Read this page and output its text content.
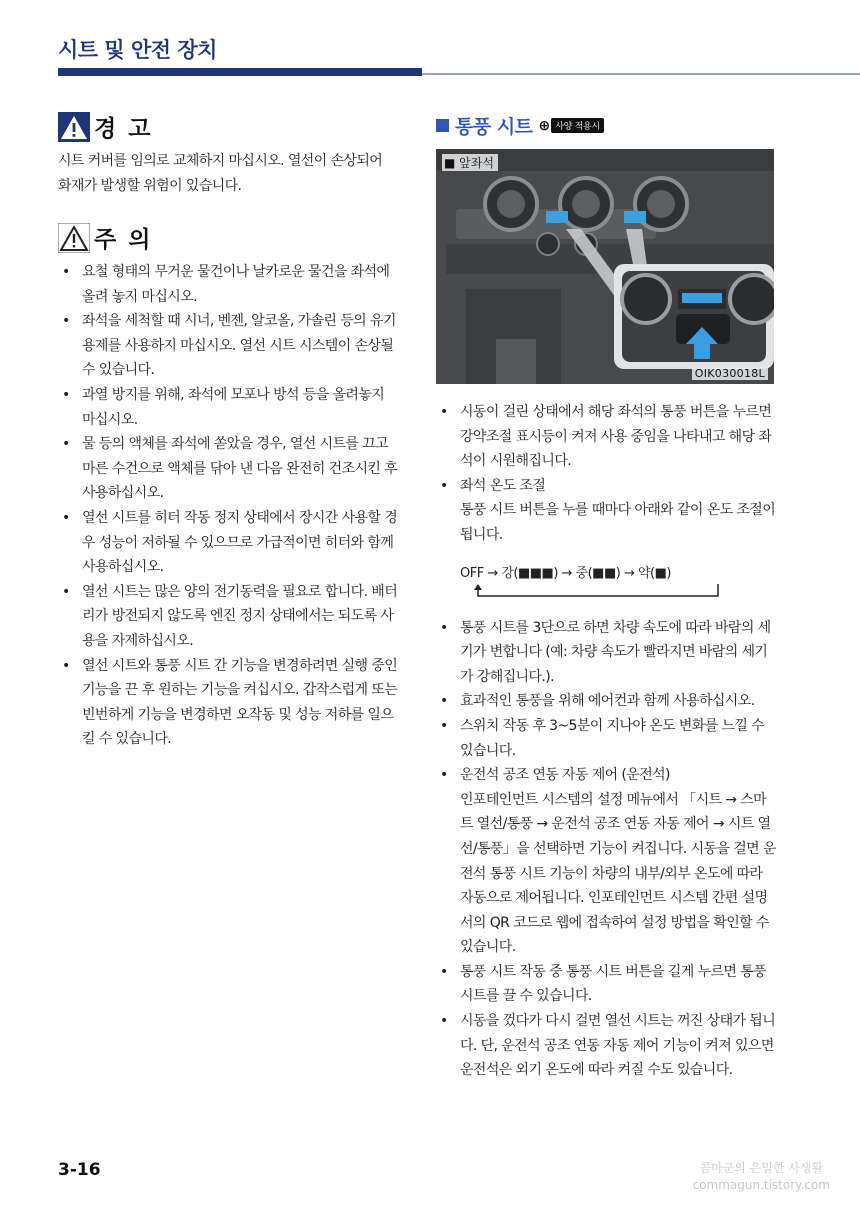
시트 및 안전 장치
경 고

시트 커버를 임의로 교체하지 마십시오. 열선이 손상되어 화재가 발생할 위험이 있습니다.

주 의
• 요철 형태의 무거운 물건이나 날카로운 물건을 좌석에 올려 놓지 마십시오.
• 좌석을 세척할 때 시너, 벤젠, 알코올, 가솔린 등의 유기용제를 사용하지 마십시오. 열선 시트 시스템이 손상될 수 있습니다.
• 과열 방지를 위해, 좌석에 모포나 방석 등을 올려놓지 마십시오.
• 물 등의 액체를 좌석에 쏟았을 경우, 열선 시트를 끄고 마른 수건으로 액체를 닦아 낸 다음 완전히 건조시킨 후 사용하십시오.
• 열선 시트를 히터 작동 정지 상태에서 장시간 사용할 경우 성능이 저하될 수 있으므로 가급적이면 히터와 함께 사용하십시오.
• 열선 시트는 많은 양의 전기동력을 필요로 합니다. 배터리가 방전되지 않도록 엔진 정지 상태에서는 되도록 사용을 자제하십시오.
• 열선 시트와 통풍 시트 간 기능을 변경하려면 실행 중인 기능을 끈 후 원하는 기능을 켜십시오. 갑작스럽게 또는 빈번하게 기능을 변경하면 오작동 및 성능 저하를 일으킬 수 있습니다.
통풍 시트 ⊕ 사양 적용시
■ 앞좌석
OIK030018L
• 시동이 걸린 상태에서 해당 좌석의 통풍 버튼을 누르면 강약조절 표시등이 켜져 사용 중임을 나타내고 해당 좌석이 시원해집니다.
• 좌석 온도 조절
통풍 시트 버튼을 누를 때마다 아래와 같이 온도 조절이 됩니다.
OFF → 강(■■■) → 중(■■) → 약(■)
• 통풍 시트를 3단으로 하면 차량 속도에 따라 바람의 세기가 변합니다 (예: 차량 속도가 빨라지면 바람의 세기가 강해집니다.).
• 효과적인 통풍을 위해 에어컨과 함께 사용하십시오.
• 스위치 작동 후 3~5분이 지나야 온도 변화를 느낄 수 있습니다.
• 운전석 공조 연동 자동 제어 (운전석)
인포테인먼트 시스템의 설정 메뉴에서 「시트 → 스마트 열선/통풍 → 운전석 공조 연동 자동 제어 → 시트 열선/통풍」을 선택하면 기능이 켜집니다. 시동을 걸면 운전석 통풍 시트 기능이 차량의 내부/외부 온도에 따라 자동으로 제어됩니다. 인포테인먼트 시스템 간편 설명서의 QR 코드로 웹에 접속하여 설정 방법을 확인할 수 있습니다.
• 통풍 시트 작동 중 통풍 시트 버튼을 길게 누르면 통풍 시트를 끌 수 있습니다.
• 시동을 껐다가 다시 걸면 열선 시트는 꺼진 상태가 됩니다. 단, 운전석 공조 연동 자동 제어 기능이 켜져 있으면 운전석은 외기 온도에 따라 켜질 수도 있습니다.
3-16	콤마군의 은밀한 사생활
commagun.tistory.com
